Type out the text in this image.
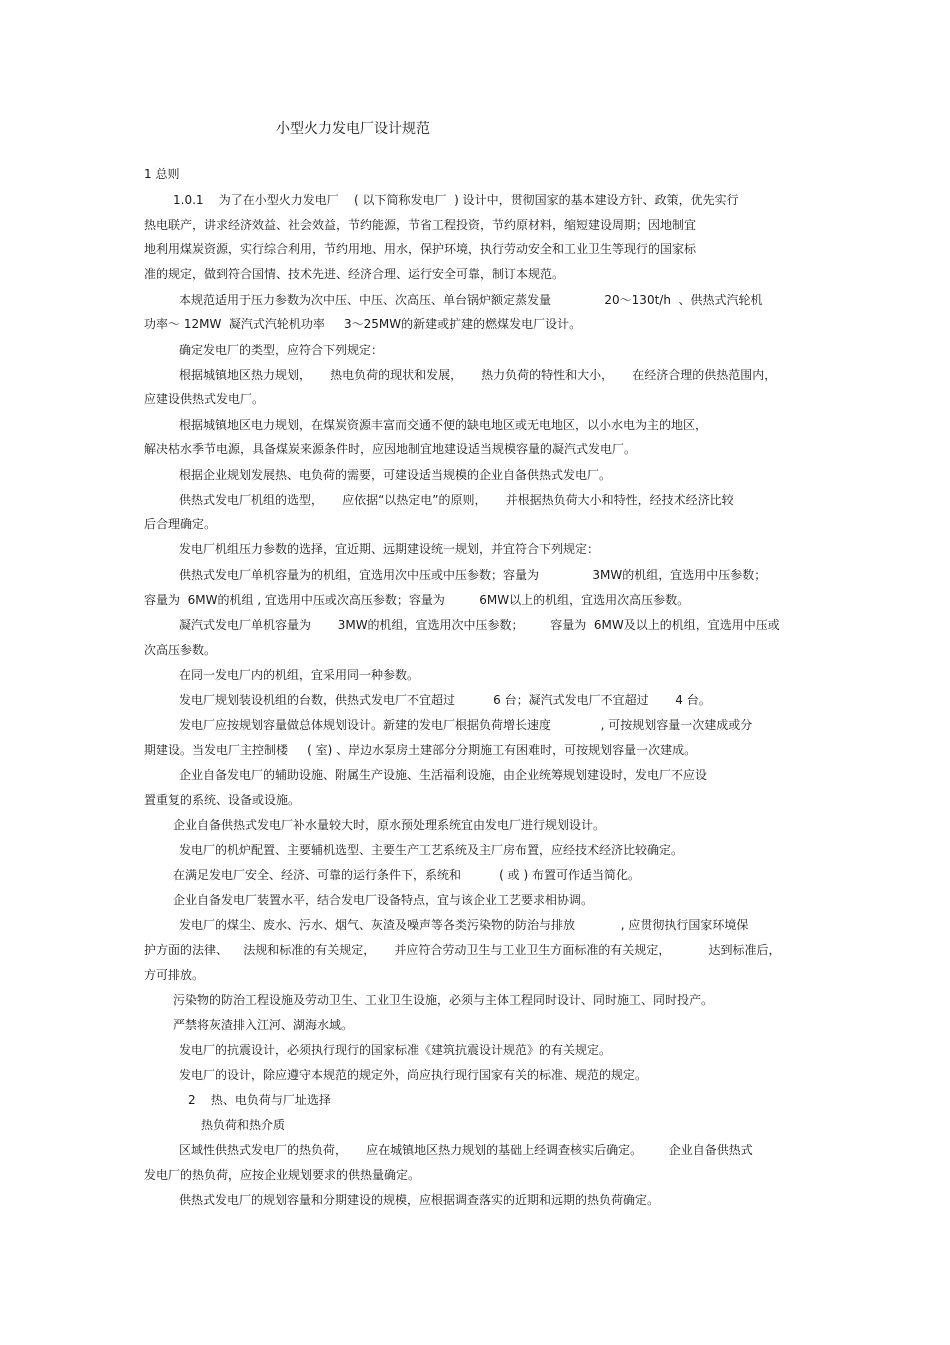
小型火力发电厂设计规范
1 总则
1.0.1    为了在小型火力发电厂    ( 以下简称发电厂  ) 设计中，贯彻国家的基本建设方针、政策，优先实行
热电联产，讲求经济效益、社会效益，节约能源，节省工程投资，节约原材料，缩短建设周期；因地制宜
地利用煤炭资源，实行综合利用，节约用地、用水，保护环境，执行劳动安全和工业卫生等现行的国家标
准的规定，做到符合国情、技术先进、经济合理、运行安全可靠，制订本规范。
本规范适用于压力参数为次中压、中压、次高压、单台锅炉额定蒸发量              20～130t/h  、供热式汽轮机
功率～ 12MW  凝汽式汽轮机功率     3～25MW的新建或扩建的燃煤发电厂设计。
确定发电厂的类型，应符合下列规定：
根据城镇地区热力规划，     热电负荷的现状和发展，     热力负荷的特性和大小，     在经济合理的供热范围内，
应建设供热式发电厂。
根据城镇地区电力规划，在煤炭资源丰富而交通不便的缺电地区或无电地区，以小水电为主的地区，
解决枯水季节电源，具备煤炭来源条件时，应因地制宜地建设适当规模容量的凝汽式发电厂。
根据企业规划发展热、电负荷的需要，可建设适当规模的企业自备供热式发电厂。
供热式发电厂机组的选型，     应依据“以热定电”的原则，     并根据热负荷大小和特性，经技术经济比较
后合理确定。
发电厂机组压力参数的选择，宜近期、远期建设统一规划，并宜符合下列规定：
供热式发电厂单机容量为的机组，宜选用次中压或中压参数；容量为              3MW的机组，宜选用中压参数；
容量为  6MW的机组 , 宜选用中压或次高压参数；容量为         6MW以上的机组，宜选用次高压参数。
凝汽式发电厂单机容量为       3MW的机组，宜选用次中压参数；       容量为  6MW及以上的机组，宜选用中压或
次高压参数。
在同一发电厂内的机组，宜采用同一种参数。
发电厂规划装设机组的台数，供热式发电厂不宜超过          6 台；凝汽式发电厂不宜超过       4 台。
发电厂应按规划容量做总体规划设计。新建的发电厂根据负荷增长速度             , 可按规划容量一次建成或分
期建设。当发电厂主控制楼     ( 室) 、岸边水泵房土建部分分期施工有困难时，可按规划容量一次建成。
企业自备发电厂的辅助设施、附属生产设施、生活福利设施，由企业统筹规划建设时，发电厂不应设
置重复的系统、设备或设施。
企业自备供热式发电厂补水量较大时，原水预处理系统宜由发电厂进行规划设计。
发电厂的机炉配置、主要辅机选型、主要生产工艺系统及主厂房布置，应经技术经济比较确定。
在满足发电厂安全、经济、可靠的运行条件下，系统和          ( 或 ) 布置可作适当简化。
企业自备发电厂装置水平，结合发电厂设备特点，宜与该企业工艺要求相协调。
发电厂的煤尘、废水、污水、烟气、灰渣及噪声等各类污染物的防治与排放            , 应贯彻执行国家环境保
护方面的法律、    法规和标准的有关规定，     并应符合劳动卫生与工业卫生方面标准的有关规定，          达到标准后，
方可排放。
污染物的防治工程设施及劳动卫生、工业卫生设施，必须与主体工程同时设计、同时施工、同时投产。
严禁将灰渣排入江河、湖海水域。
发电厂的抗震设计，必须执行现行的国家标准《建筑抗震设计规范》的有关规定。
发电厂的设计，除应遵守本规范的规定外，尚应执行现行国家有关的标准、规范的规定。
2    热、电负荷与厂址选择
热负荷和热介质
区域性供热式发电厂的热负荷，     应在城镇地区热力规划的基础上经调查核实后确定。       企业自备供热式
发电厂的热负荷，应按企业规划要求的供热量确定。
供热式发电厂的规划容量和分期建设的规模，应根据调查落实的近期和远期的热负荷确定。
